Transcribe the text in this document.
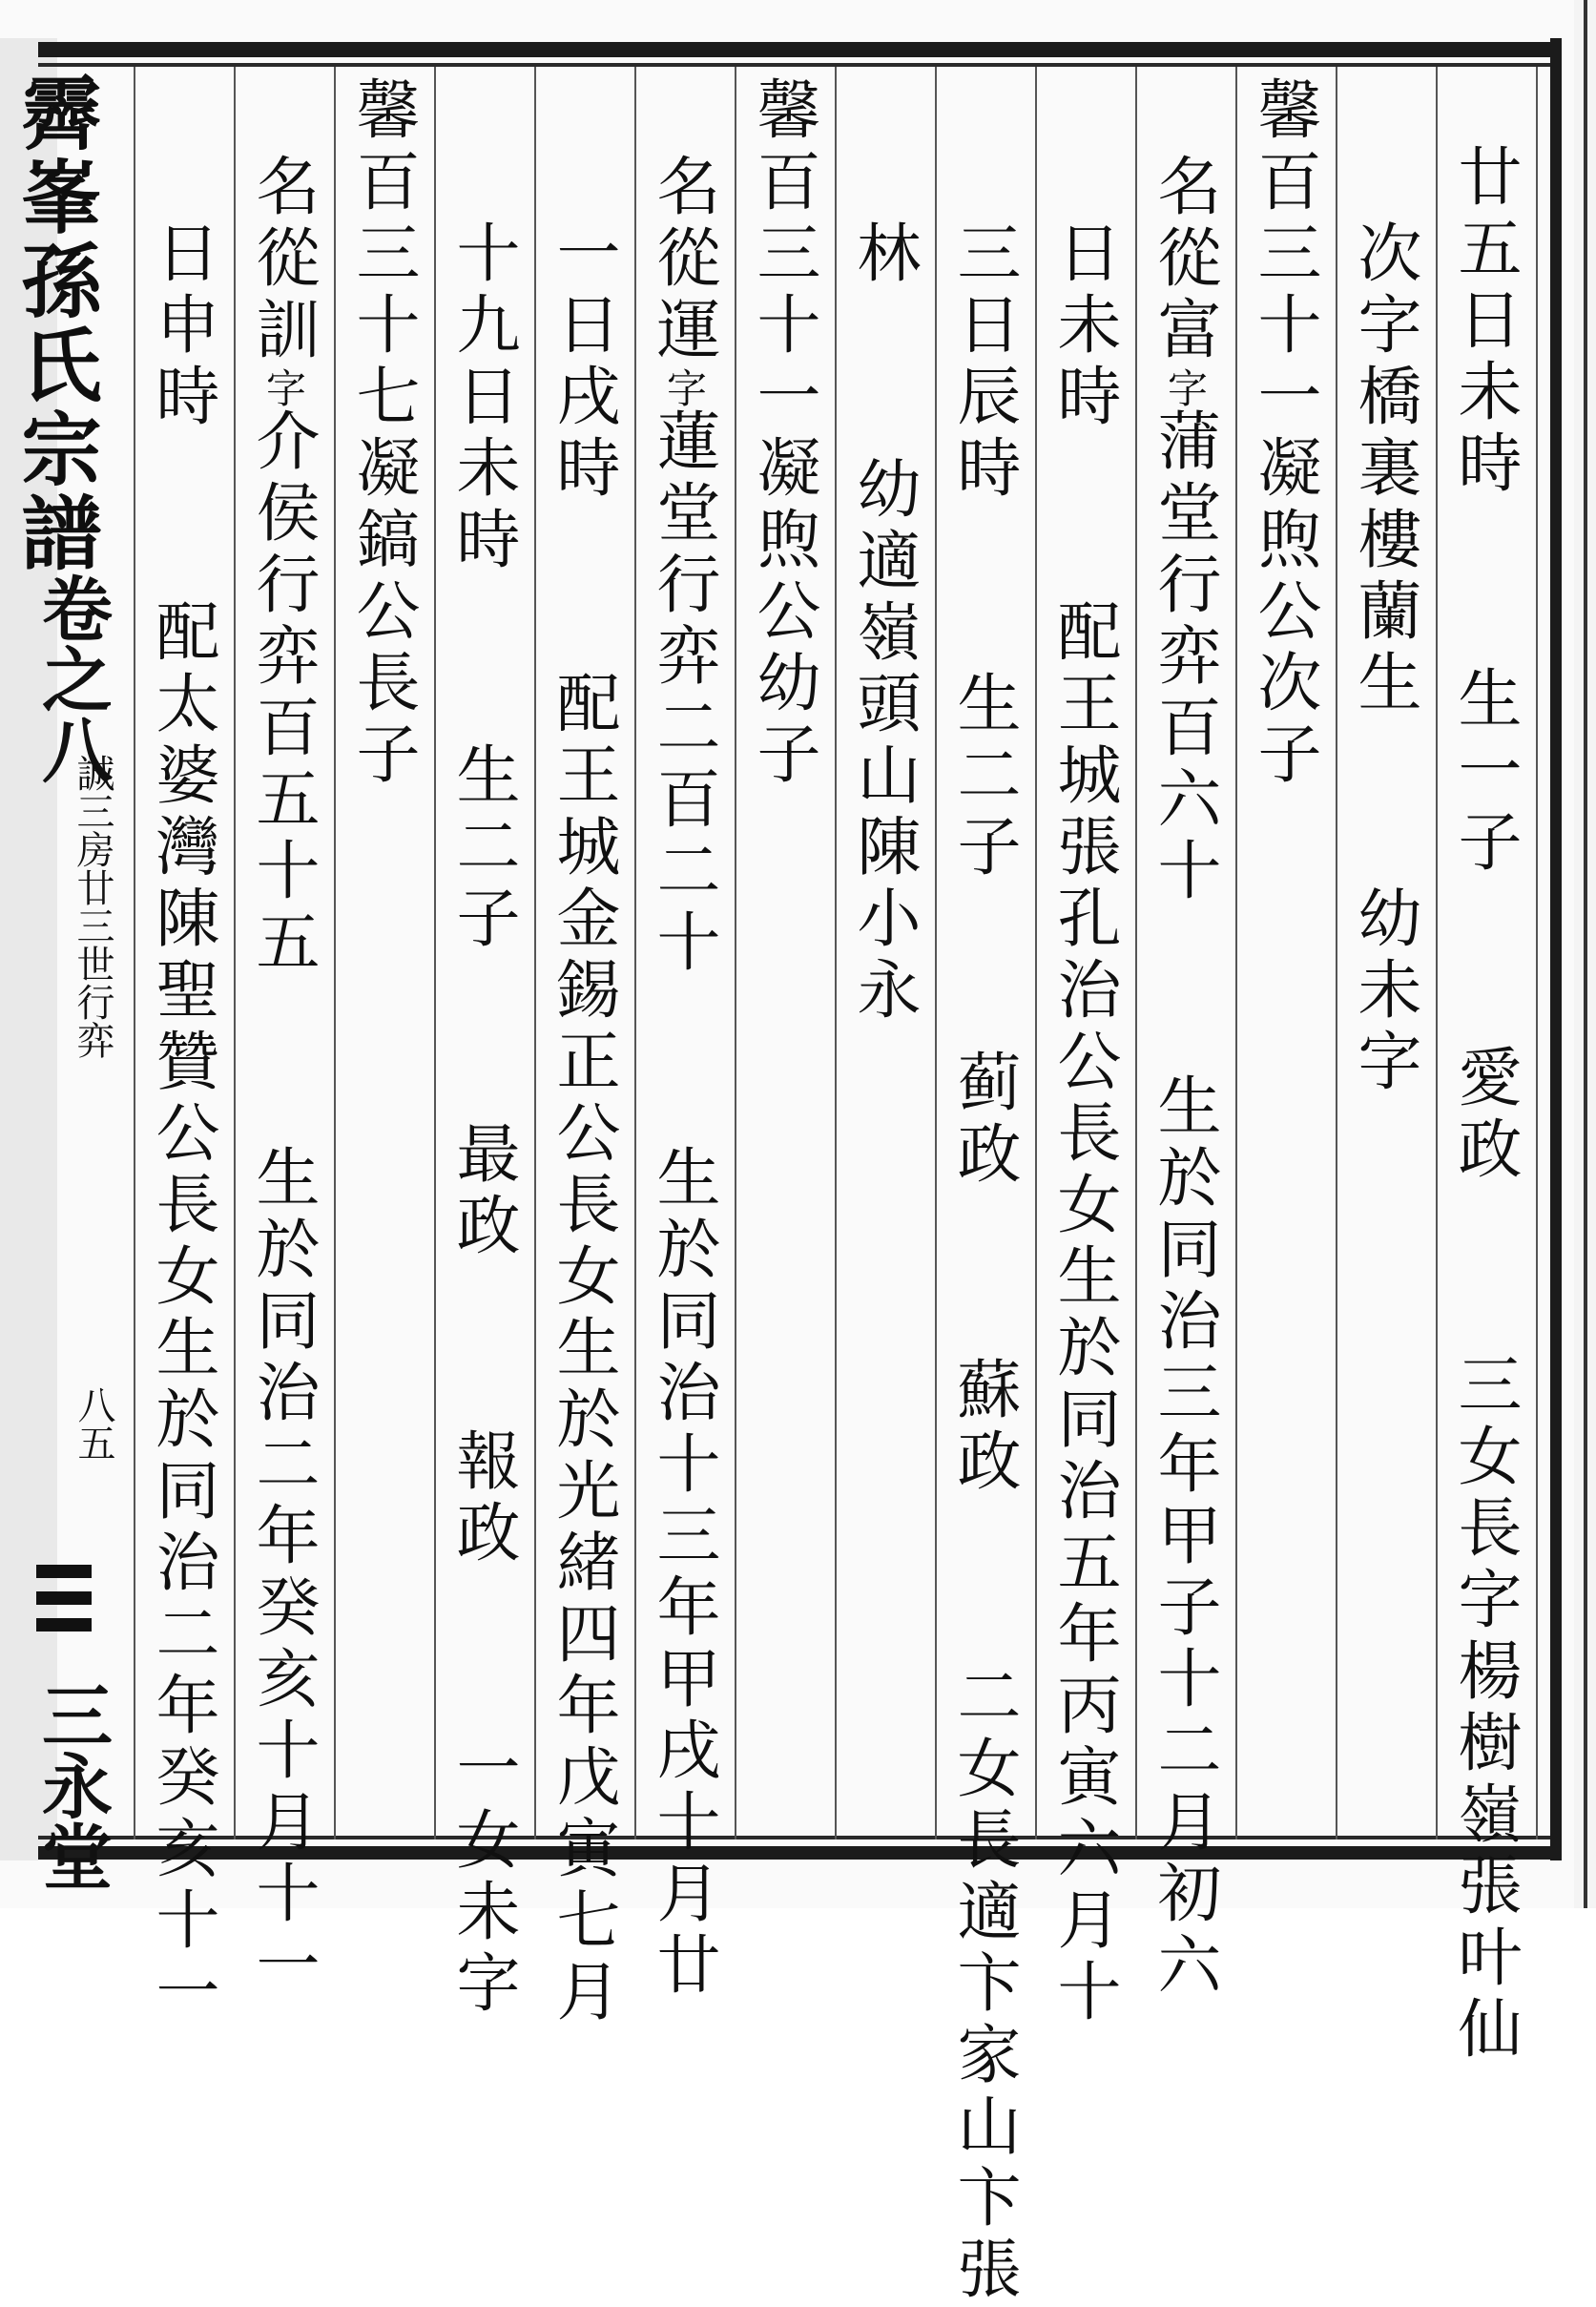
霽峯孫氏宗譜
卷之八
誠三房廿三世行弈
八五
三永堂	廿五日未時  生一子  愛政  三女長字楊樹嶺張叶仙
次字橋裏樓蘭生  幼未字
馨百三十一凝煦公次子
名從富字蒲堂行弈百六十  生於同治三年甲子十二月初六
日未時  配王城張孔治公長女生於同治五年丙寅六月十
三日辰時  生二子  蓟政  蘇政  二女長適卞家山卞張
林  幼適嶺頭山陳小永
馨百三十一凝煦公幼子
名從運字蓮堂行弈二百二十  生於同治十三年甲戌十月廿
一日戌時  配王城金錫正公長女生於光緒四年戊寅七月
十九日未時  生二子  最政  報政  一女未字
馨百三十七凝鎬公長子
名從訓字介侯行弈百五十五  生於同治二年癸亥十月十一
日申時  配太婆灣陳聖贊公長女生於同治二年癸亥十一
